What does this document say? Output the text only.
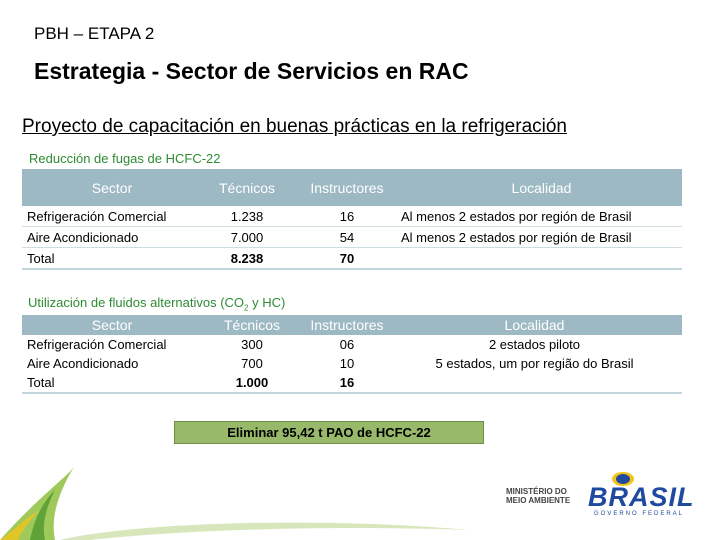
PBH – ETAPA 2
Estrategia - Sector de Servicios en RAC
Proyecto de capacitación en buenas prácticas en la refrigeración
Reducción de fugas de HCFC-22
Sector	Técnicos	Instructores	Localidad
Refrigeración Comercial	1.238	16	Al menos 2 estados por región de Brasil
Aire Acondicionado	7.000	54	Al menos 2 estados por región de Brasil
Total	8.238	70	
Utilización de fluidos alternativos ($CO_2$ y HC)
Sector	Técnicos	Instructores	Localidad
Refrigeración Comercial	300	06	2 estados piloto
Aire Acondicionado	700	10	5 estados, um por região do Brasil
Total	1.000	16	
Eliminar 95,42 t PAO de HCFC-22
MINISTÉRIO DO
MEIO AMBIENTE BRASIL
GOVERNO FEDERAL
